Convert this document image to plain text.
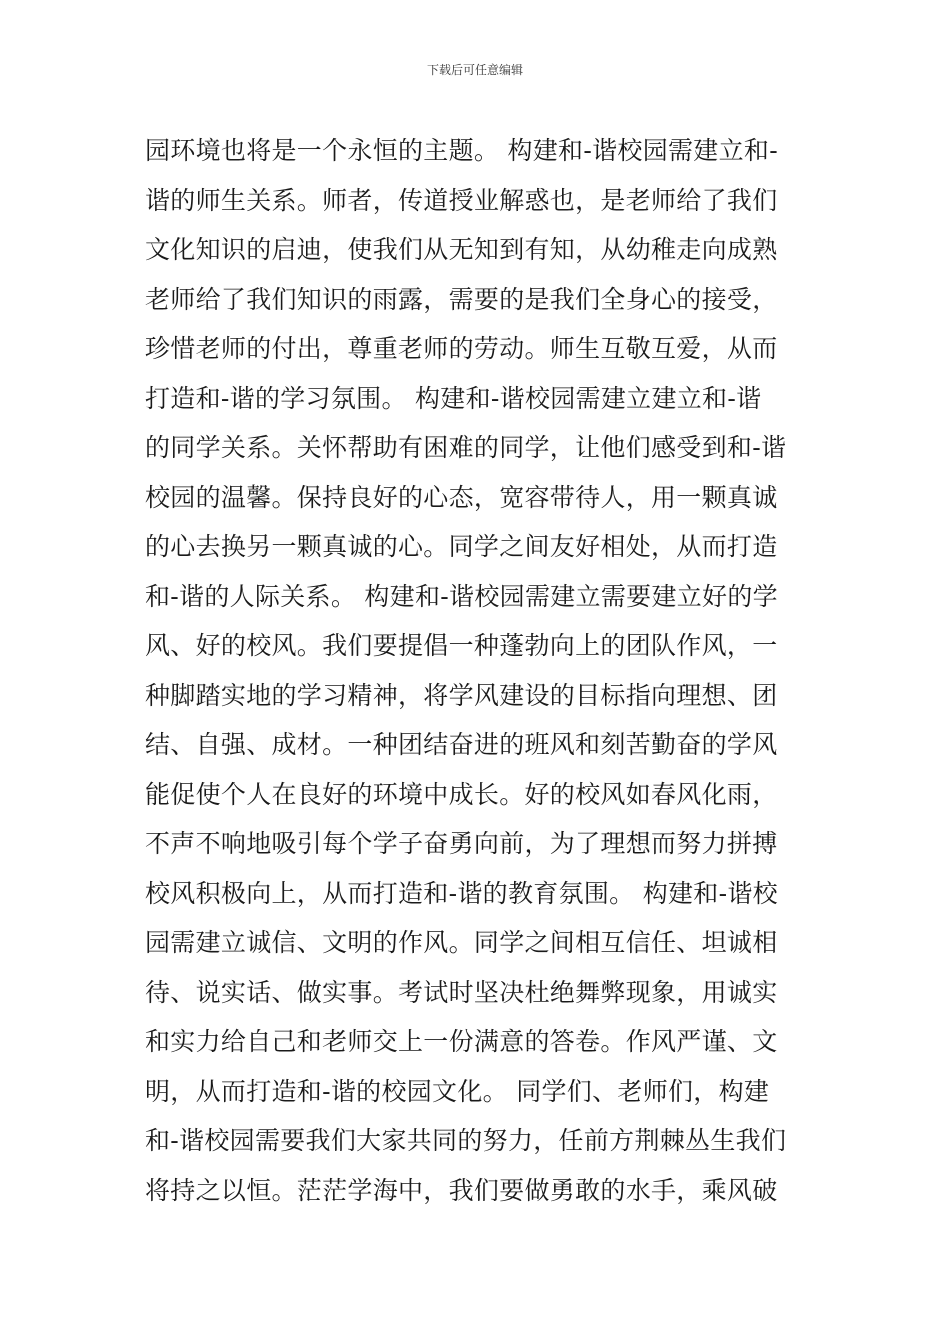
下载后可任意编辑
园环境也将是一个永恒的主题。 构建和-谐校园需建立和-
谐的师生关系。师者，传道授业解惑也，是老师给了我们
文化知识的启迪，使我们从无知到有知，从幼稚走向成熟
老师给了我们知识的雨露，需要的是我们全身心的接受，
珍惜老师的付出，尊重老师的劳动。师生互敬互爱，从而
打造和-谐的学习氛围。 构建和-谐校园需建立建立和-谐
的同学关系。关怀帮助有困难的同学，让他们感受到和-谐
校园的温馨。保持良好的心态，宽容带待人，用一颗真诚
的心去换另一颗真诚的心。同学之间友好相处，从而打造
和-谐的人际关系。 构建和-谐校园需建立需要建立好的学
风、好的校风。我们要提倡一种蓬勃向上的团队作风，一
种脚踏实地的学习精神，将学风建设的目标指向理想、团
结、自强、成材。一种团结奋进的班风和刻苦勤奋的学风
能促使个人在良好的环境中成长。好的校风如春风化雨，
不声不响地吸引每个学子奋勇向前，为了理想而努力拼搏
校风积极向上，从而打造和-谐的教育氛围。 构建和-谐校
园需建立诚信、文明的作风。同学之间相互信任、坦诚相
待、说实话、做实事。考试时坚决杜绝舞弊现象，用诚实
和实力给自己和老师交上一份满意的答卷。作风严谨、文
明，从而打造和-谐的校园文化。 同学们、老师们，构建
和-谐校园需要我们大家共同的努力，任前方荆棘丛生我们
将持之以恒。茫茫学海中，我们要做勇敢的水手，乘风破
